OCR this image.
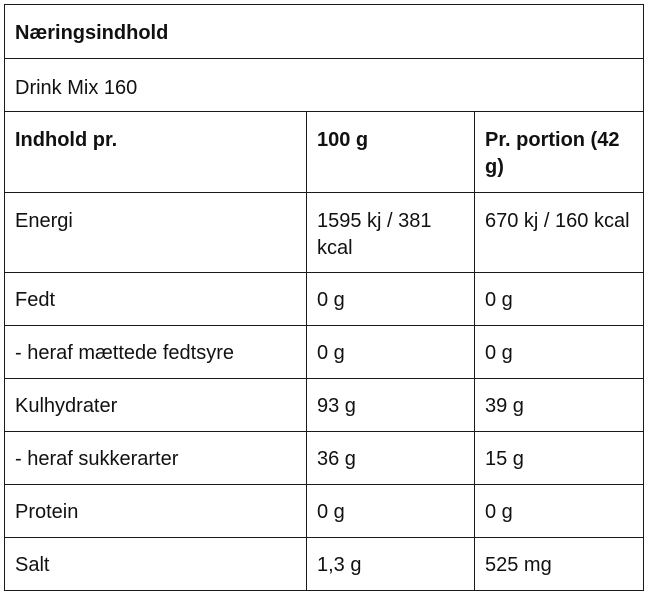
Næringsindhold		
Drink Mix 160		
Indhold pr.	100 g	Pr. portion (42 g)
Energi	1595 kj / 381 kcal	670 kj / 160 kcal
Fedt	0 g	0 g
- heraf mættede fedtsyre	0 g	0 g
Kulhydrater	93 g	39 g
- heraf sukkerarter	36 g	15 g
Protein	0 g	0 g
Salt	1,3 g	525 mg
